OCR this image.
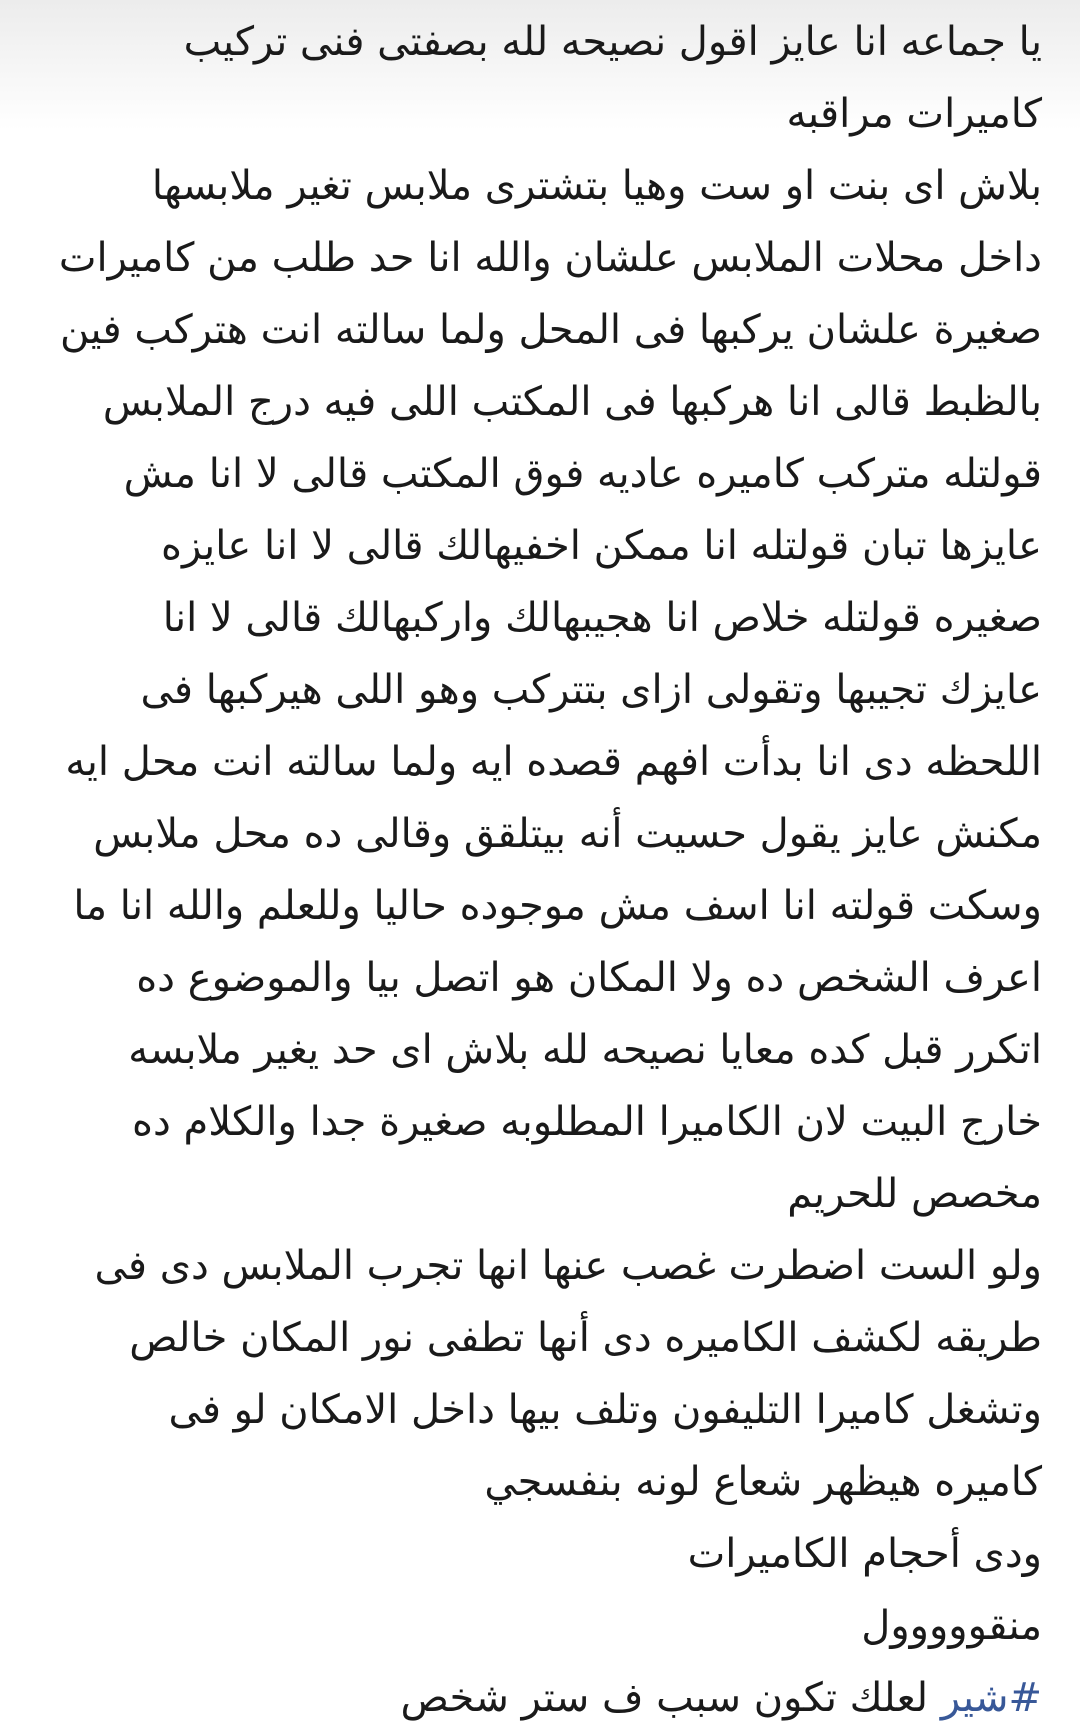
يا جماعه انا عايز اقول نصيحه لله بصفتى فنى تركيب
كاميرات مراقبه
بلاش اى بنت او ست وهيا بتشترى ملابس تغير ملابسها
داخل محلات الملابس علشان والله انا حد طلب من كاميرات
صغيرة علشان يركبها فى المحل ولما سالته انت هتركب فين
بالظبط قالى انا هركبها فى المكتب اللى فيه درج الملابس
قولتله متركب كاميره عاديه فوق المكتب قالى لا انا مش
عايزها تبان قولتله انا ممكن اخفيهالك قالى لا انا عايزه
صغيره قولتله خلاص انا هجيبهالك واركبهالك قالى لا انا
عايزك تجيبها وتقولى ازاى بتتركب وهو اللى هيركبها فى
اللحظه دى انا بدأت افهم قصده ايه ولما سالته انت محل ايه
مكنش عايز يقول حسيت أنه بيتلقق وقالى ده محل ملابس
وسكت قولته انا اسف مش موجوده حاليا وللعلم والله انا ما
اعرف الشخص ده ولا المكان هو اتصل بيا والموضوع ده
اتكرر قبل كده معايا نصيحه لله بلاش اى حد يغير ملابسه
خارج البيت لان الكاميرا المطلوبه صغيرة جدا والكلام ده
مخصص للحريم
ولو الست اضطرت غصب عنها انها تجرب الملابس دى فى
طريقه لكشف الكاميره دى أنها تطفى نور المكان خالص
وتشغل كاميرا التليفون وتلف بيها داخل الامكان لو فى
كاميره هيظهر شعاع لونه بنفسجي
ودى أحجام الكاميرات
منقووووول
#شير لعلك تكون سبب ف ستر شخص
